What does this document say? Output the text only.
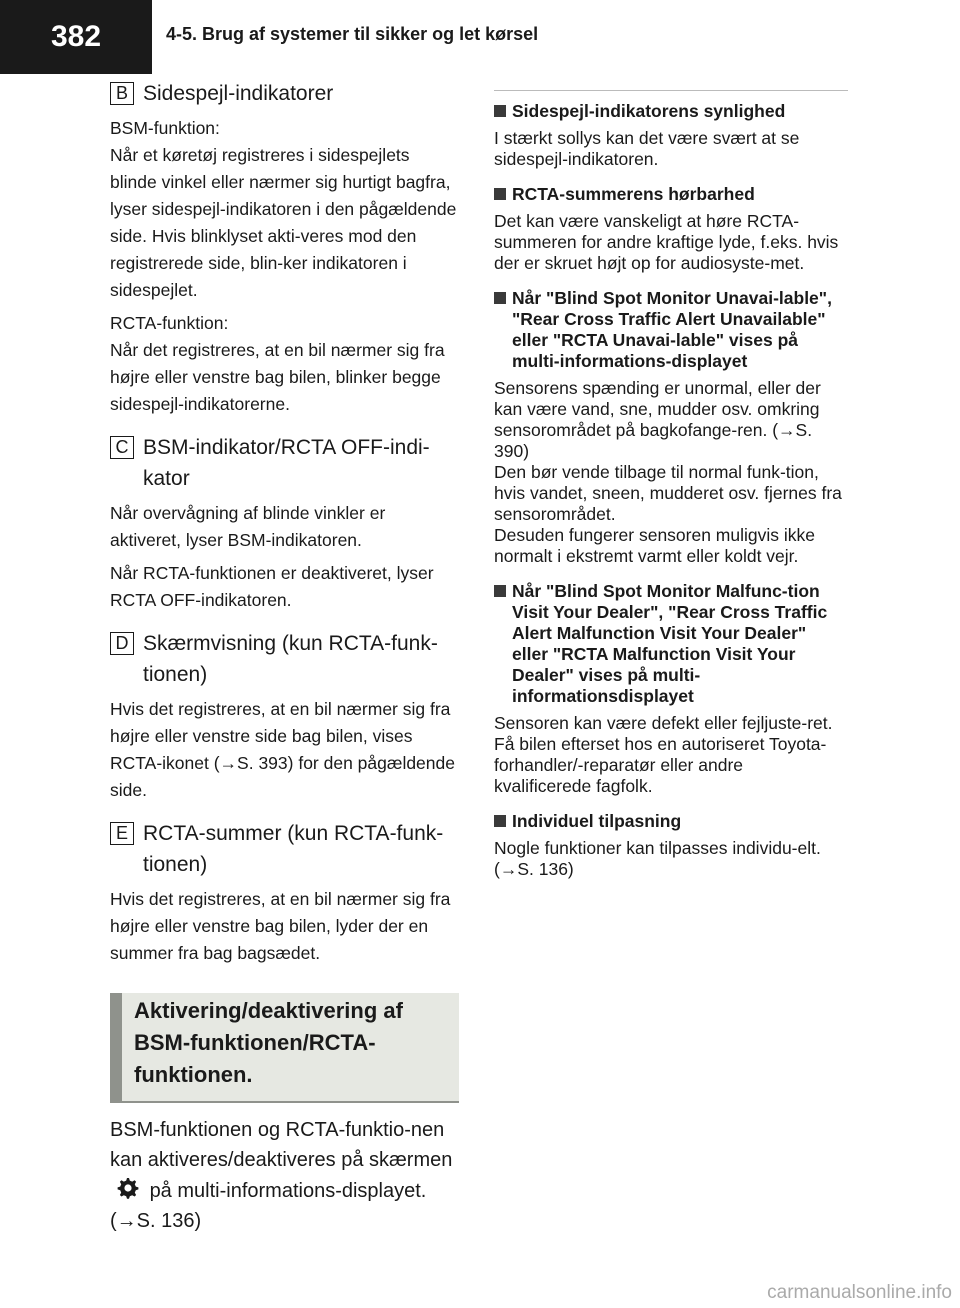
382	4-5. Brug af systemer til sikker og let kørsel
B Sidespejl-indikatorer

BSM-funktion:
Når et køretøj registreres i sidespejlets blinde vinkel eller nærmer sig hurtigt bagfra, lyser sidespejl-indikatoren i den pågældende side. Hvis blinklyset akti-veres mod den registrerede side, blin-ker indikatoren i sidespejlet.

RCTA-funktion:
Når det registreres, at en bil nærmer sig fra højre eller venstre bag bilen, blinker begge sidespejl-indikatorerne.

C BSM-indikator/RCTA OFF-indi-kator

Når overvågning af blinde vinkler er aktiveret, lyser BSM-indikatoren.

Når RCTA-funktionen er deaktiveret, lyser RCTA OFF-indikatoren.

D Skærmvisning (kun RCTA-funk-tionen)

Hvis det registreres, at en bil nærmer sig fra højre eller venstre side bag bilen, vises RCTA-ikonet (→S. 393) for den pågældende side.

E RCTA-summer (kun RCTA-funk-tionen)

Hvis det registreres, at en bil nærmer sig fra højre eller venstre bag bilen, lyder der en summer fra bag bagsædet.

Aktivering/deaktivering af BSM-funktionen/RCTA-funktionen.
BSM-funktionen og RCTA-funktio-nen kan aktiveres/deaktiveres på skærmen  på multi-informations-displayet. (→S. 136)
Sidespejl-indikatorens synlighed

I stærkt sollys kan det være svært at se sidespejl-indikatoren.

RCTA-summerens hørbarhed

Det kan være vanskeligt at høre RCTA-summeren for andre kraftige lyde, f.eks. hvis der er skruet højt op for audiosyste-met.

Når "Blind Spot Monitor Unavai-lable", "Rear Cross Traffic Alert Unavailable" eller "RCTA Unavai-lable" vises på multi-informations-displayet

Sensorens spænding er unormal, eller der kan være vand, sne, mudder osv. omkring sensorområdet på bagkofange-ren. (→S. 390)
Den bør vende tilbage til normal funk-tion, hvis vandet, sneen, mudderet osv. fjernes fra sensorområdet.
Desuden fungerer sensoren muligvis ikke normalt i ekstremt varmt eller koldt vejr.

Når "Blind Spot Monitor Malfunc-tion Visit Your Dealer", "Rear Cross Traffic Alert Malfunction Visit Your Dealer" eller "RCTA Malfunction Visit Your Dealer" vises på multi-informationsdisplayet

Sensoren kan være defekt eller fejljuste-ret. Få bilen efterset hos en autoriseret Toyota-forhandler/-reparatør eller andre kvalificerede fagfolk.

Individuel tilpasning

Nogle funktioner kan tilpasses individu-elt. (→S. 136)

carmanualsonline.info
